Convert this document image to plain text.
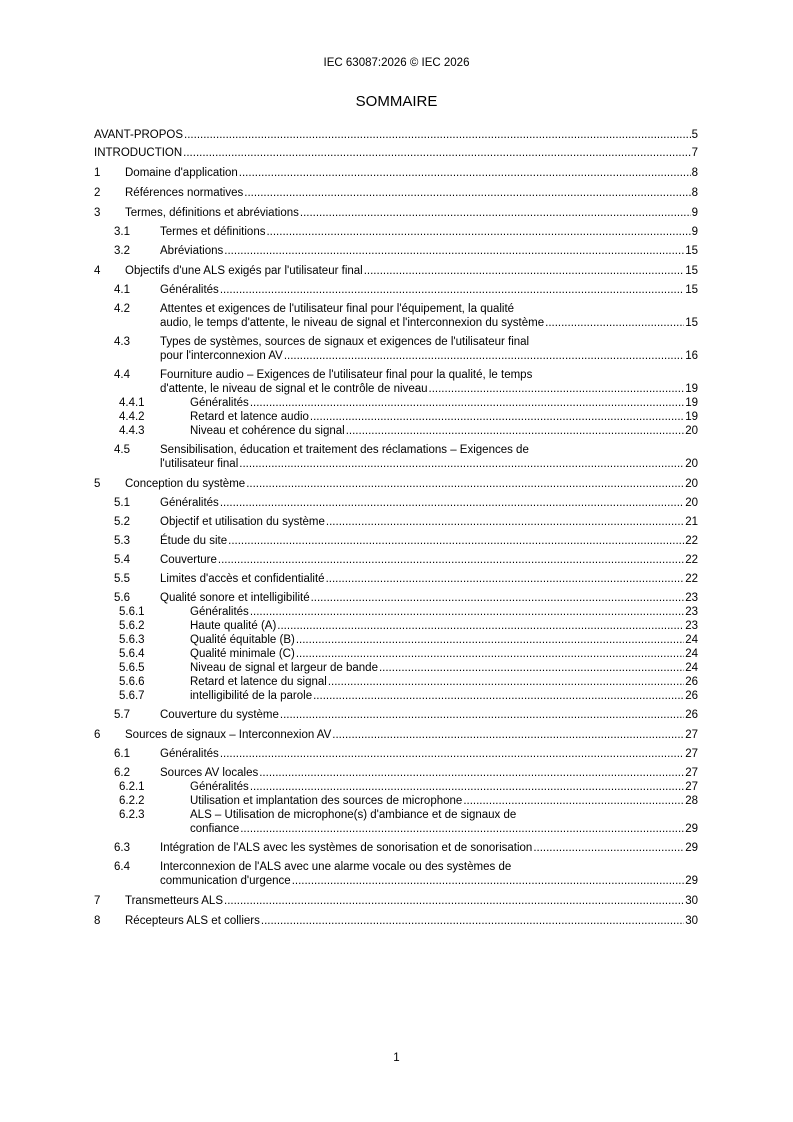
IEC 63087:2026 © IEC 2026
SOMMAIRE
AVANT-PROPOS .....	5
INTRODUCTION .....	7
1 Domaine d'application .....	8
2 Références normatives .....	8
3 Termes, définitions et abréviations .....	9
3.1	Termes et définitions .....	9
3.2	Abréviations .....	15
4 Objectifs d'une ALS exigés par l'utilisateur final .....	15
4.1	Généralités .....	15
4.2	Attentes et exigences de l'utilisateur final pour l'équipement, la qualité
audio, le temps d'attente, le niveau de signal et l'interconnexion du système .....	15
4.3	Types de systèmes, sources de signaux et exigences de l'utilisateur final
pour l'interconnexion AV .....	16
4.4	Fourniture audio – Exigences de l'utilisateur final pour la qualité, le temps
d'attente, le niveau de signal et le contrôle de niveau .....	19
4.4.1	Généralités .....	19
4.4.2	Retard et latence audio .....	19
4.4.3	Niveau et cohérence du signal .....	20
4.5	Sensibilisation, éducation et traitement des réclamations – Exigences de
l'utilisateur final .....	20
5 Conception du système .....	20
5.1	Généralités .....	20
5.2	Objectif et utilisation du système .....	21
5.3	Étude du site .....	22
5.4	Couverture .....	22
5.5	Limites d'accès et confidentialité .....	22
5.6	Qualité sonore et intelligibilité .....	23
5.6.1	Généralités .....	23
5.6.2	Haute qualité (A) .....	23
5.6.3	Qualité équitable (B) .....	24
5.6.4	Qualité minimale (C) .....	24
5.6.5	Niveau de signal et largeur de bande .....	24
5.6.6	Retard et latence du signal .....	26
5.6.7	intelligibilité de la parole .....	26
5.7	Couverture du système .....	26
6 Sources de signaux – Interconnexion AV .....	27
6.1	Généralités .....	27
6.2	Sources AV locales .....	27
6.2.1	Généralités .....	27
6.2.2	Utilisation et implantation des sources de microphone .....	28
6.2.3	ALS – Utilisation de microphone(s) d'ambiance et de signaux de
confiance .....	29
6.3	Intégration de l'ALS avec les systèmes de sonorisation et de sonorisation .....	29
6.4	Interconnexion de l'ALS avec une alarme vocale ou des systèmes de
communication d'urgence .....	29
7 Transmetteurs ALS .....	30
8 Récepteurs ALS et colliers .....	30
1
